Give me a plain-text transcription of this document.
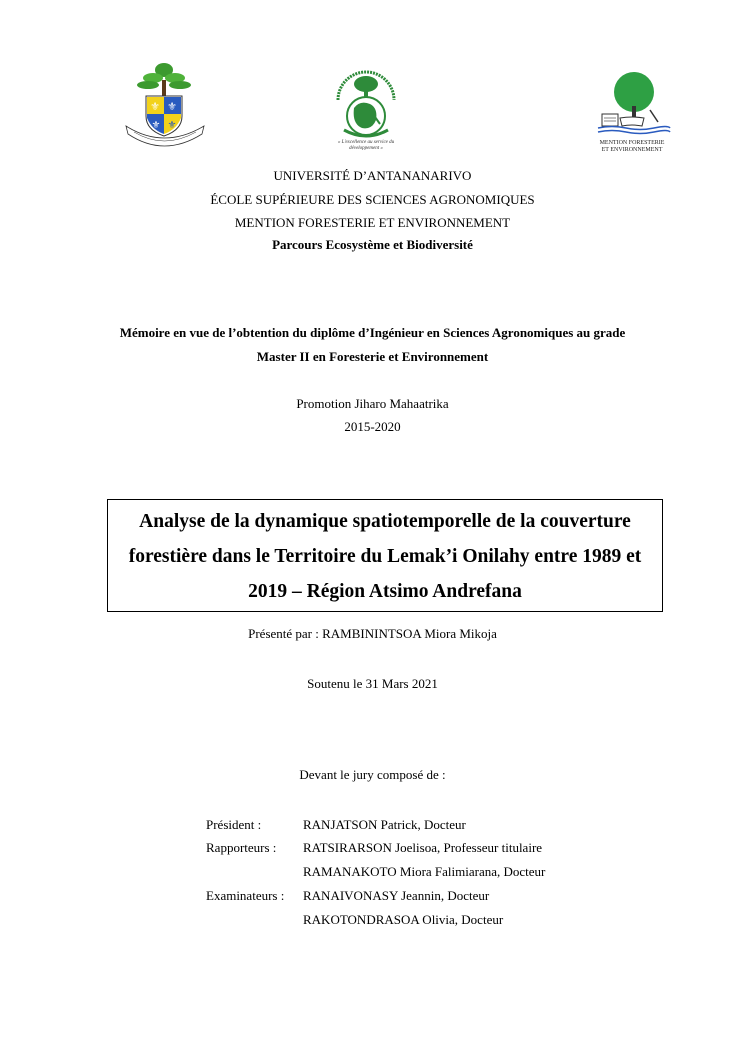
⚜ ⚜
⚜ ⚜
« L'excellence au service du
développement »
MENTION FORESTERIE
ET ENVIRONNEMENT
UNIVERSITÉ D’ANTANANARIVO
ÉCOLE SUPÉRIEURE DES SCIENCES AGRONOMIQUES
MENTION FORESTERIE ET ENVIRONNEMENT
Parcours Ecosystème et Biodiversité
Mémoire en vue de l’obtention du diplôme d’Ingénieur en Sciences Agronomiques au grade
Master II en Foresterie et Environnement
Promotion Jiharo Mahaatrika
2015-2020
Analyse de la dynamique spatiotemporelle de la couverture
forestière dans le Territoire du Lemak’i Onilahy entre 1989 et
2019 – Région Atsimo Andrefana
Présenté par : RAMBININTSOA Miora Mikoja
Soutenu le 31 Mars 2021
Devant le jury composé de :
Président :	RANJATSON Patrick, Docteur
Rapporteurs : RATSIRARSON Joelisoa, Professeur titulaire
RAMANAKOTO Miora Falimiarana, Docteur
Examinateurs : RANAIVONASY Jeannin, Docteur
RAKOTONDRASOA Olivia, Docteur
